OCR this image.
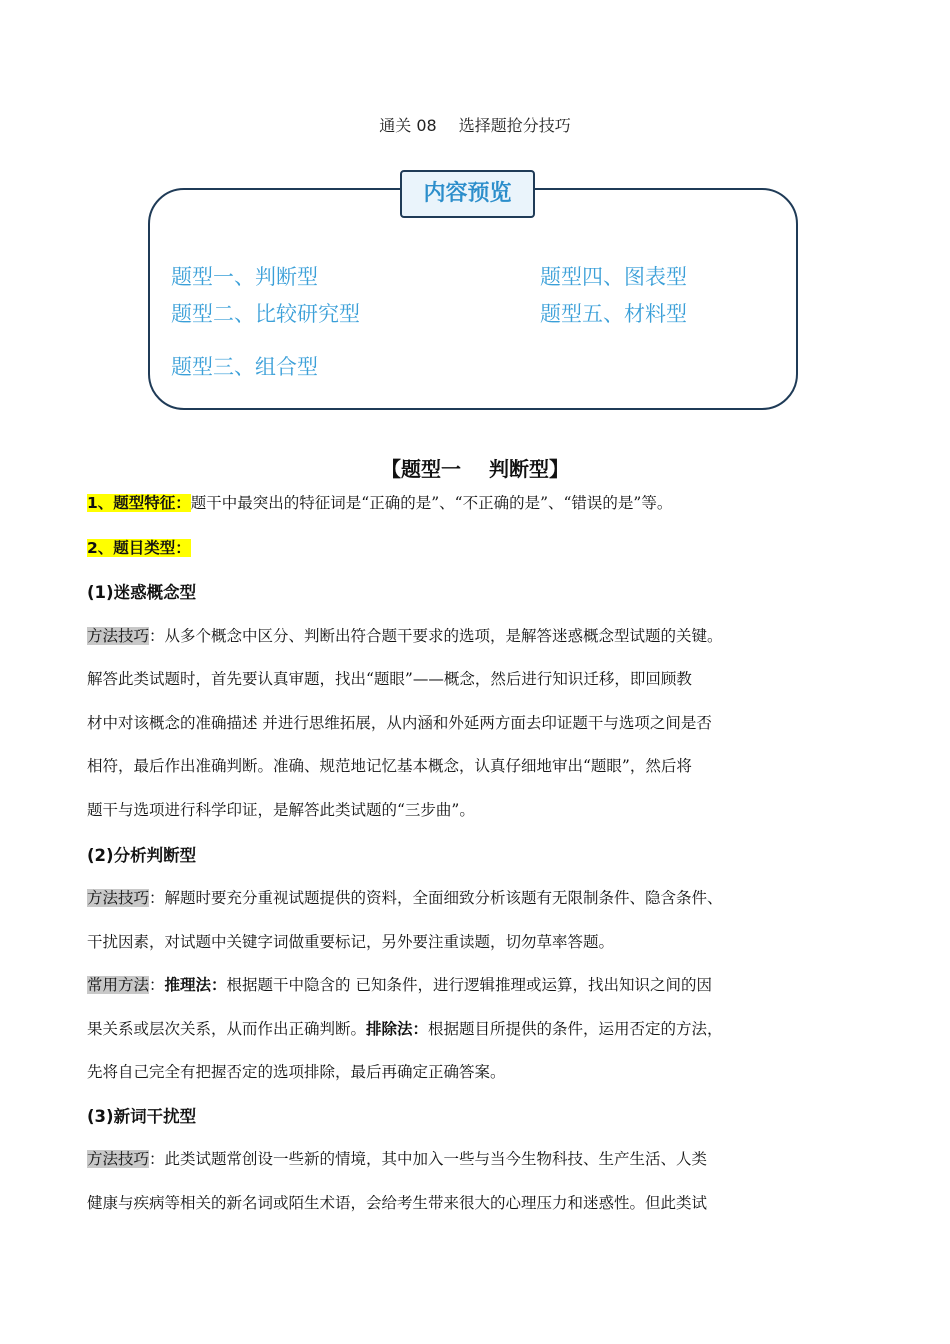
通关 08 选择题抢分技巧
内容预览
题型一、判断型
题型二、比较研究型
题型三、组合型
题型四、图表型
题型五、材料型
【题型一 判断型】
1、题型特征：题干中最突出的特征词是“正确的是”、“不正确的是”、“错误的是”等。
2、题目类型：
(1)迷惑概念型
方法技巧：从多个概念中区分、判断出符合题干要求的选项，是解答迷惑概念型试题的关键。
解答此类试题时，首先要认真审题，找出“题眼”——概念，然后进行知识迁移，即回顾教
材中对该概念的准确描述 并进行思维拓展，从内涵和外延两方面去印证题干与选项之间是否
相符，最后作出准确判断。准确、规范地记忆基本概念，认真仔细地审出“题眼”，然后将
题干与选项进行科学印证，是解答此类试题的“三步曲”。
(2)分析判断型
方法技巧：解题时要充分重视试题提供的资料，全面细致分析该题有无限制条件、隐含条件、
干扰因素，对试题中关键字词做重要标记，另外要注重读题，切勿草率答题。
常用方法：推理法：根据题干中隐含的 已知条件，进行逻辑推理或运算，找出知识之间的因
果关系或层次关系，从而作出正确判断。排除法：根据题目所提供的条件，运用否定的方法，
先将自己完全有把握否定的选项排除，最后再确定正确答案。
(3)新词干扰型
方法技巧：此类试题常创设一些新的情境，其中加入一些与当今生物科技、生产生活、人类
健康与疾病等相关的新名词或陌生术语，会给考生带来很大的心理压力和迷惑性。但此类试
